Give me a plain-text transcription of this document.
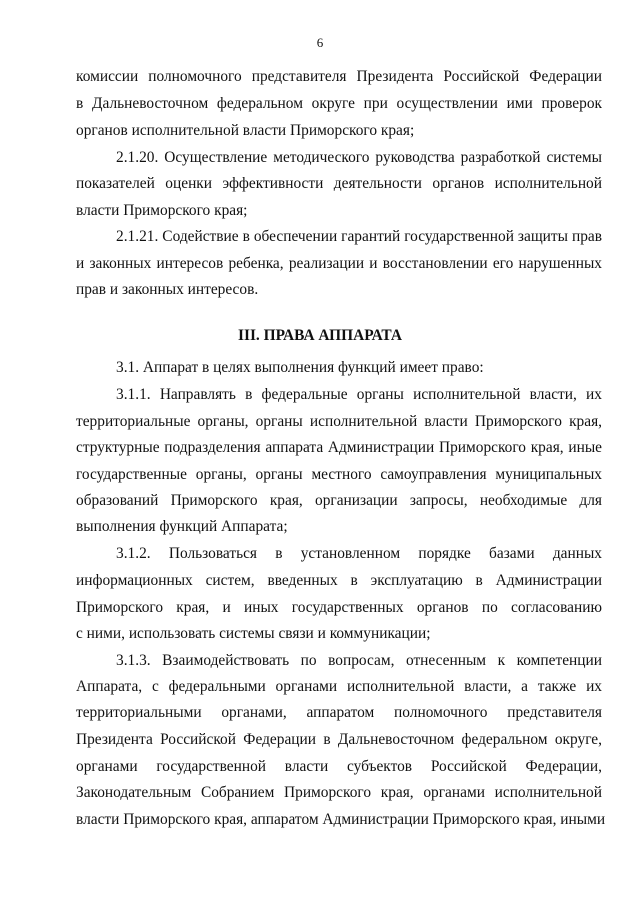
6
комиссии полномочного представителя Президента Российской Федерации
в Дальневосточном федеральном округе при осуществлении ими проверок
органов исполнительной власти Приморского края;
2.1.20. Осуществление методического руководства разработкой системы
показателей оценки эффективности деятельности органов исполнительной
власти Приморского края;
2.1.21. Содействие в обеспечении гарантий государственной защиты прав
и законных интересов ребенка, реализации и восстановлении его нарушенных
прав и законных интересов.
III. ПРАВА АППАРАТА
3.1. Аппарат в целях выполнения функций имеет право:
3.1.1. Направлять в федеральные органы исполнительной власти, их
территориальные органы, органы исполнительной власти Приморского края,
структурные подразделения аппарата Администрации Приморского края, иные
государственные органы, органы местного самоуправления муниципальных
образований Приморского края, организации запросы, необходимые для
выполнения функций Аппарата;
3.1.2. Пользоваться в установленном порядке базами данных
информационных систем, введенных в эксплуатацию в Администрации
Приморского края, и иных государственных органов по согласованию
с ними, использовать системы связи и коммуникации;
3.1.3. Взаимодействовать по вопросам, отнесенным к компетенции
Аппарата, с федеральными органами исполнительной власти, а также их
территориальными органами, аппаратом полномочного представителя
Президента Российской Федерации в Дальневосточном федеральном округе,
органами государственной власти субъектов Российской Федерации,
Законодательным Собранием Приморского края, органами исполнительной
власти Приморского края, аппаратом Администрации Приморского края, иными
